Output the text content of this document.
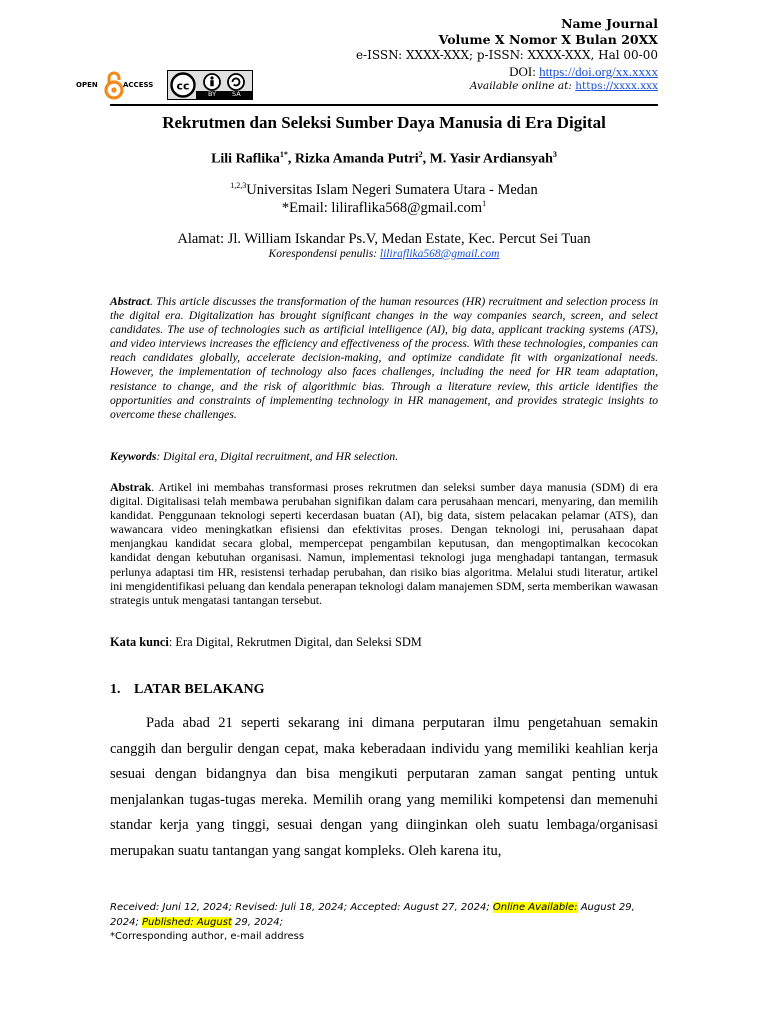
Name Journal
Volume X Nomor X Bulan 20XX
e-ISSN: XXXX-XXX; p-ISSN: XXXX-XXX, Hal 00-00
DOI: https://doi.org/xx.xxxx
Available online at: https://xxxx.xxx
OPEN	ACCESS cc
BY SA
Rekrutmen dan Seleksi Sumber Daya Manusia di Era Digital
Lili Raflika$^{1*}$, Rizka Amanda Putri$^2$, M. Yasir Ardiansyah$^3$
$^{1,2,3}$Universitas Islam Negeri Sumatera Utara - Medan
*Email: liliraflika568@gmail.com$^1$
Alamat: Jl. William Iskandar Ps.V, Medan Estate, Kec. Percut Sei Tuan
Korespondensi penulis: liliraflika568@gmail.com
Abstract. This article discusses the transformation of the human resources (HR) recruitment and selection process in the digital era. Digitalization has brought significant changes in the way companies search, screen, and select candidates. The use of technologies such as artificial intelligence (AI), big data, applicant tracking systems (ATS), and video interviews increases the efficiency and effectiveness of the process. With these technologies, companies can reach candidates globally, accelerate decision-making, and optimize candidate fit with organizational needs. However, the implementation of technology also faces challenges, including the need for HR team adaptation, resistance to change, and the risk of algorithmic bias. Through a literature review, this article identifies the opportunities and constraints of implementing technology in HR management, and provides strategic insights to overcome these challenges.
Keywords: Digital era, Digital recruitment, and HR selection.
Abstrak. Artikel ini membahas transformasi proses rekrutmen dan seleksi sumber daya manusia (SDM) di era digital. Digitalisasi telah membawa perubahan signifikan dalam cara perusahaan mencari, menyaring, dan memilih kandidat. Penggunaan teknologi seperti kecerdasan buatan (AI), big data, sistem pelacakan pelamar (ATS), dan wawancara video meningkatkan efisiensi dan efektivitas proses. Dengan teknologi ini, perusahaan dapat menjangkau kandidat secara global, mempercepat pengambilan keputusan, dan mengoptimalkan kecocokan kandidat dengan kebutuhan organisasi. Namun, implementasi teknologi juga menghadapi tantangan, termasuk perlunya adaptasi tim HR, resistensi terhadap perubahan, dan risiko bias algoritma. Melalui studi literatur, artikel ini mengidentifikasi peluang dan kendala penerapan teknologi dalam manajemen SDM, serta memberikan wawasan strategis untuk mengatasi tantangan tersebut.
Kata kunci: Era Digital, Rekrutmen Digital, dan Seleksi SDM
1. LATAR BELAKANG

Pada abad 21 seperti sekarang ini dimana perputaran ilmu pengetahuan semakin canggih dan bergulir dengan cepat, maka keberadaan individu yang memiliki keahlian kerja sesuai dengan bidangnya dan bisa mengikuti perputaran zaman sangat penting untuk menjalankan tugas-tugas mereka. Memilih orang yang memiliki kompetensi dan memenuhi standar kerja yang tinggi, sesuai dengan yang diinginkan oleh suatu lembaga/organisasi merupakan suatu tantangan yang sangat kompleks. Oleh karena itu,

Received: Juni 12, 2024; Revised: Juli 18, 2024; Accepted: August 27, 2024; Online Available: August 29, 2024; Published: August 29, 2024;
*Corresponding author, e-mail address
